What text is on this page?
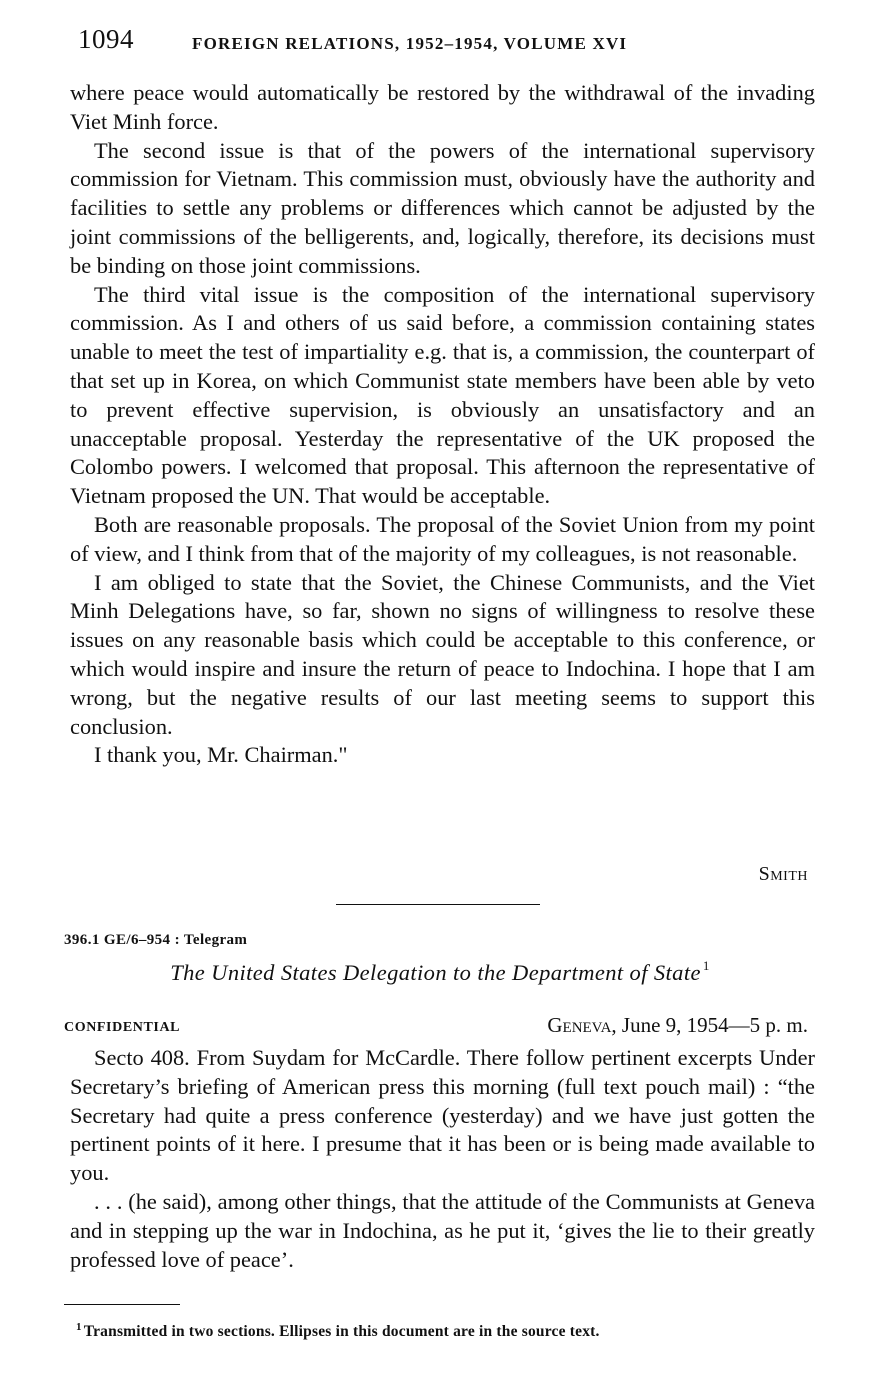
1094	FOREIGN RELATIONS, 1952–1954, VOLUME XVI

where peace would automatically be restored by the withdrawal of the invading Viet Minh force.

The second issue is that of the powers of the international supervisory commission for Vietnam. This commission must, obviously have the authority and facilities to settle any problems or differences which cannot be adjusted by the joint commissions of the belligerents, and, logically, therefore, its decisions must be binding on those joint commissions.

The third vital issue is the composition of the international supervisory commission. As I and others of us said before, a commission containing states unable to meet the test of impartiality e.g. that is, a commission, the counterpart of that set up in Korea, on which Communist state members have been able by veto to prevent effective supervision, is obviously an unsatisfactory and an unacceptable proposal. Yesterday the representative of the UK proposed the Colombo powers. I welcomed that proposal. This afternoon the representative of Vietnam proposed the UN. That would be acceptable.

Both are reasonable proposals. The proposal of the Soviet Union from my point of view, and I think from that of the majority of my colleagues, is not reasonable.

I am obliged to state that the Soviet, the Chinese Communists, and the Viet Minh Delegations have, so far, shown no signs of willingness to resolve these issues on any reasonable basis which could be acceptable to this conference, or which would inspire and insure the return of peace to Indochina. I hope that I am wrong, but the negative results of our last meeting seems to support this conclusion.

I thank you, Mr. Chairman."

Smith
396.1 GE/6–954 : Telegram
The United States Delegation to the Department of State $^1$
CONFIDENTIAL	Geneva, June 9, 1954—5 p. m.

Secto 408. From Suydam for McCardle. There follow pertinent excerpts Under Secretary’s briefing of American press this morning (full text pouch mail) : “the Secretary had quite a press conference (yesterday) and we have just gotten the pertinent points of it here. I presume that it has been or is being made available to you.

. . . (he said), among other things, that the attitude of the Communists at Geneva and in stepping up the war in Indochina, as he put it, ‘gives the lie to their greatly professed love of peace’.

$^1$ Transmitted in two sections. Ellipses in this document are in the source text.
